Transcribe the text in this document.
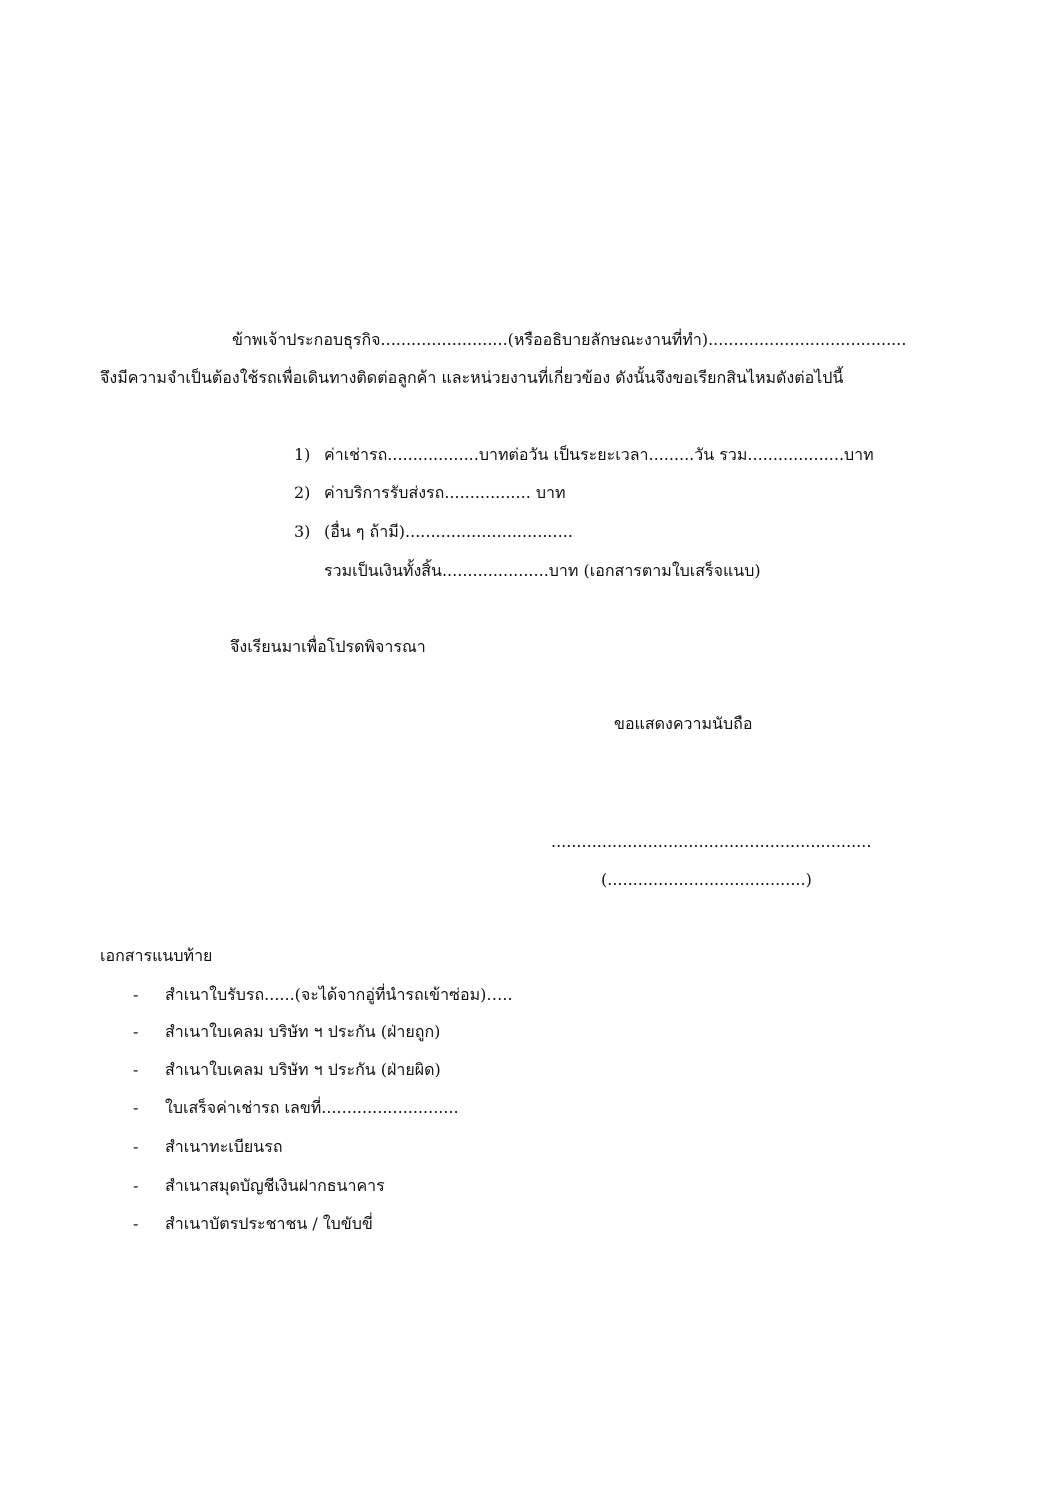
ข้าพเจ้าประกอบธุรกิจ.........................(หรืออธิบายลักษณะงานที่ทำ).......................................
จึงมีความจำเป็นต้องใช้รถเพื่อเดินทางติดต่อลูกค้า และหน่วยงานที่เกี่ยวข้อง ดังนั้นจึงขอเรียกสินไหมดังต่อไปนี้
1) ค่าเช่ารถ..................บาทต่อวัน เป็นระยะเวลา.........วัน รวม...................บาท
2) ค่าบริการรับส่งรถ................. บาท
3) (อื่น ๆ ถ้ามี).................................
รวมเป็นเงินทั้งสิ้น.....................บาท (เอกสารตามใบเสร็จแนบ)
จึงเรียนมาเพื่อโปรดพิจารณา
ขอแสดงความนับถือ
...............................................................
(.......................................)
เอกสารแนบท้าย
- สำเนาใบรับรถ......(จะได้จากอู่ที่นำรถเข้าซ่อม)…..
- สำเนาใบเคลม บริษัท ฯ ประกัน (ฝ่ายถูก)
- สำเนาใบเคลม บริษัท ฯ ประกัน (ฝ่ายผิด)
- ใบเสร็จค่าเช่ารถ เลขที่...........................
- สำเนาทะเบียนรถ
- สำเนาสมุดบัญชีเงินฝากธนาคาร
- สำเนาบัตรประชาชน / ใบขับขี่
